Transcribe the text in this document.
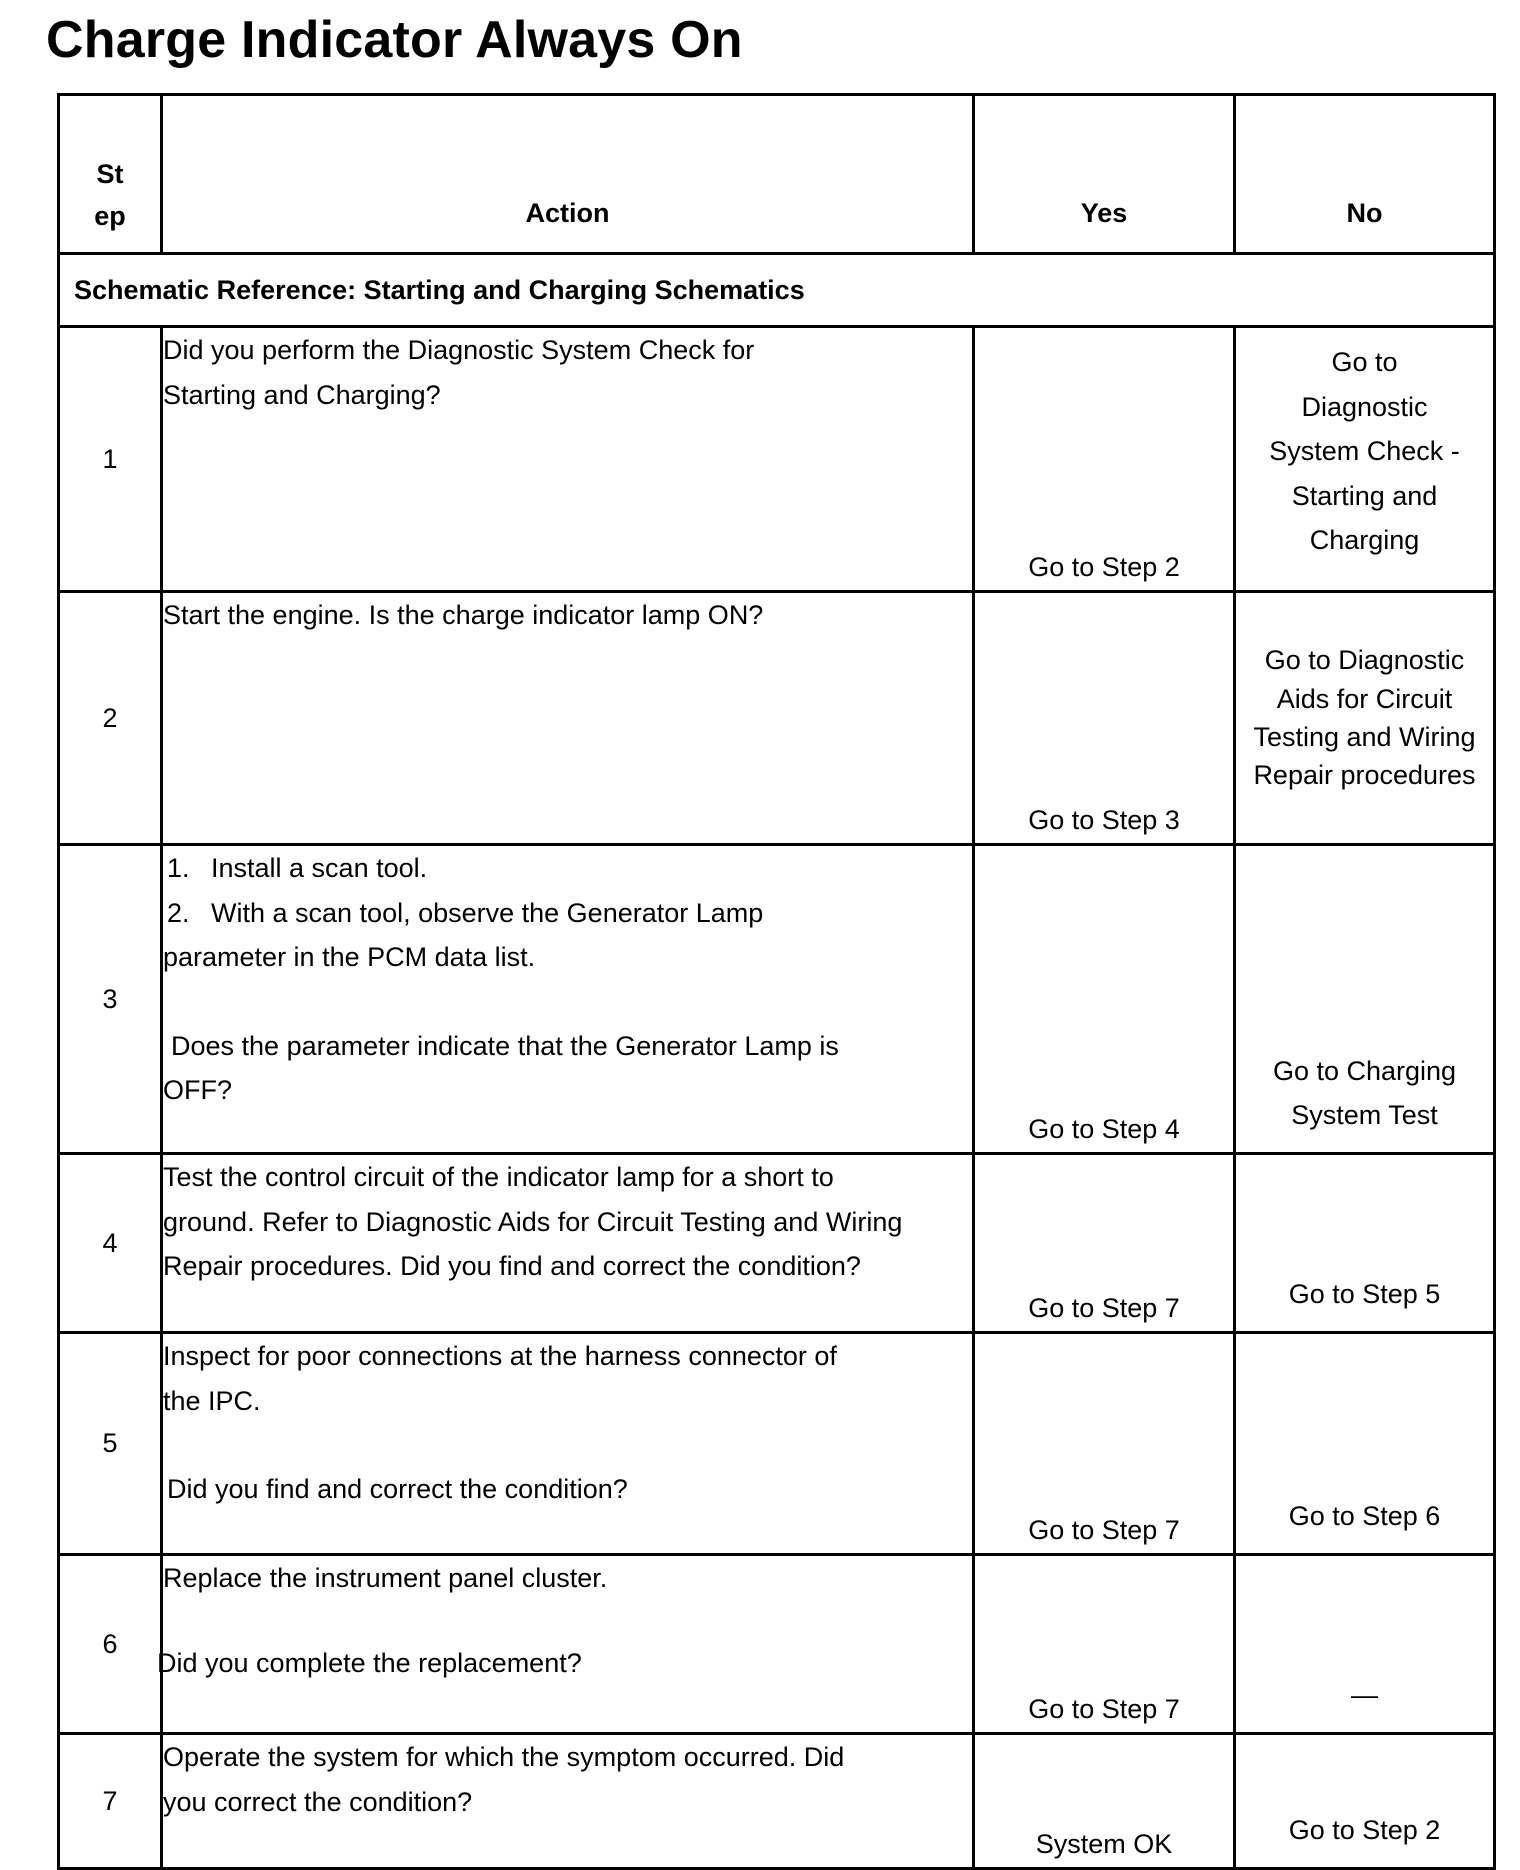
Charge Indicator Always On
St
ep	Action	Yes	No
Schematic Reference: Starting and Charging Schematics			
1	Did you perform the Diagnostic System Check for
Starting and Charging?	Go to Step 2	Go to
Diagnostic
System Check -
Starting and
Charging

2	Start the engine. Is the charge indicator lamp ON?	Go to Step 3	Go to Diagnostic
Aids for Circuit
Testing and Wiring
Repair procedures

3	1. Install a scan tool.
2. With a scan tool, observe the Generator Lamp
parameter in the PCM data list.
Does the parameter indicate that the Generator Lamp is
OFF?	Go to Step 4	Go to Charging
System Test

4	Test the control circuit of the indicator lamp for a short to
ground. Refer to Diagnostic Aids for Circuit Testing and Wiring
Repair procedures. Did you find and correct the condition?	Go to Step 7	Go to Step 5
5	Inspect for poor connections at the harness connector of
the IPC.
Did you find and correct the condition?	Go to Step 7	Go to Step 6
6	Replace the instrument panel cluster.
Did you complete the replacement?	Go to Step 7	—
7	Operate the system for which the symptom occurred. Did
you correct the condition?	System OK	Go to Step 2
